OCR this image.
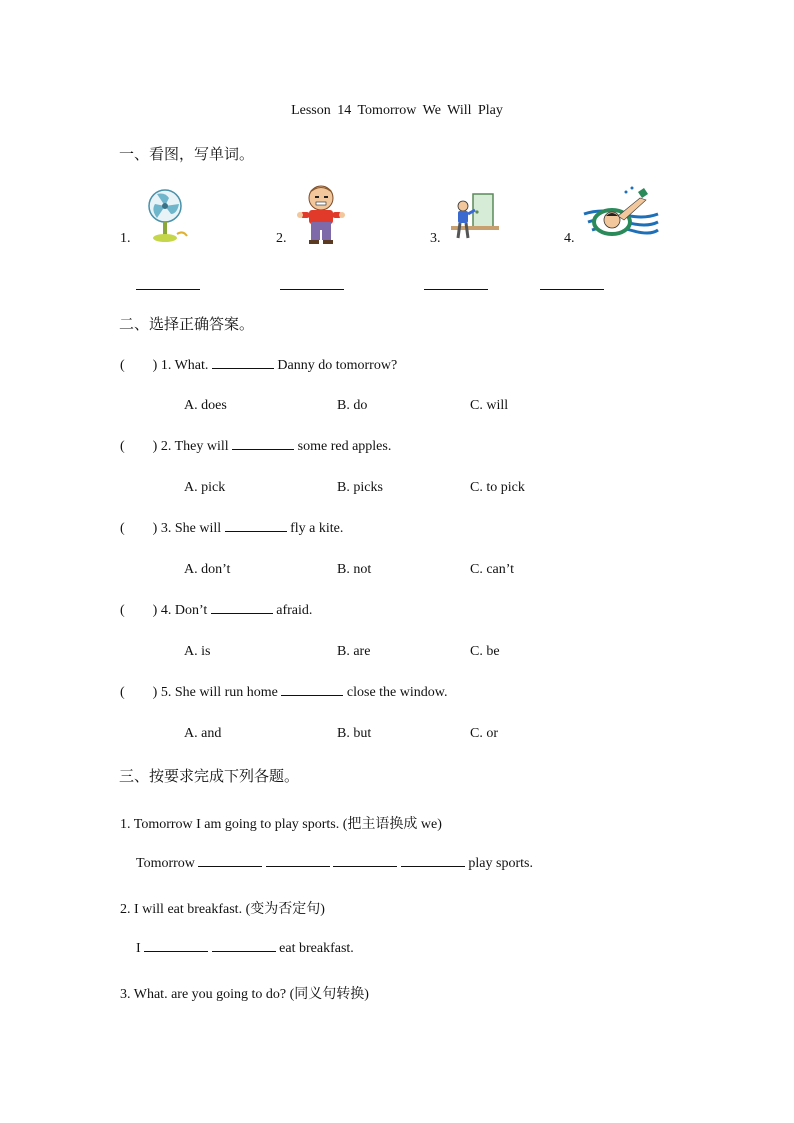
Lesson 14 Tomorrow We Will Play
一、看图，写单词。
1.	2.	3.	4.
二、选择正确答案。
( ) 1. What.	Danny do tomorrow?
A. does	B. do	C. will
( ) 2. They will	some red apples.
A. pick	B. picks	C. to pick
( ) 3. She will	fly a kite.
A. don’t	B. not	C. can’t
( ) 4. Don’t	afraid.
A. is	B. are	C. be
( ) 5. She will run home	close the window.
A. and	B. but	C. or
三、按要求完成下列各题。
1. Tomorrow I am going to play sports. (把主语换成 we)
Tomorrow	play sports.
2. I will eat breakfast. (变为否定句)
I	eat breakfast.
3. What. are you going to do? (同义句转换)
